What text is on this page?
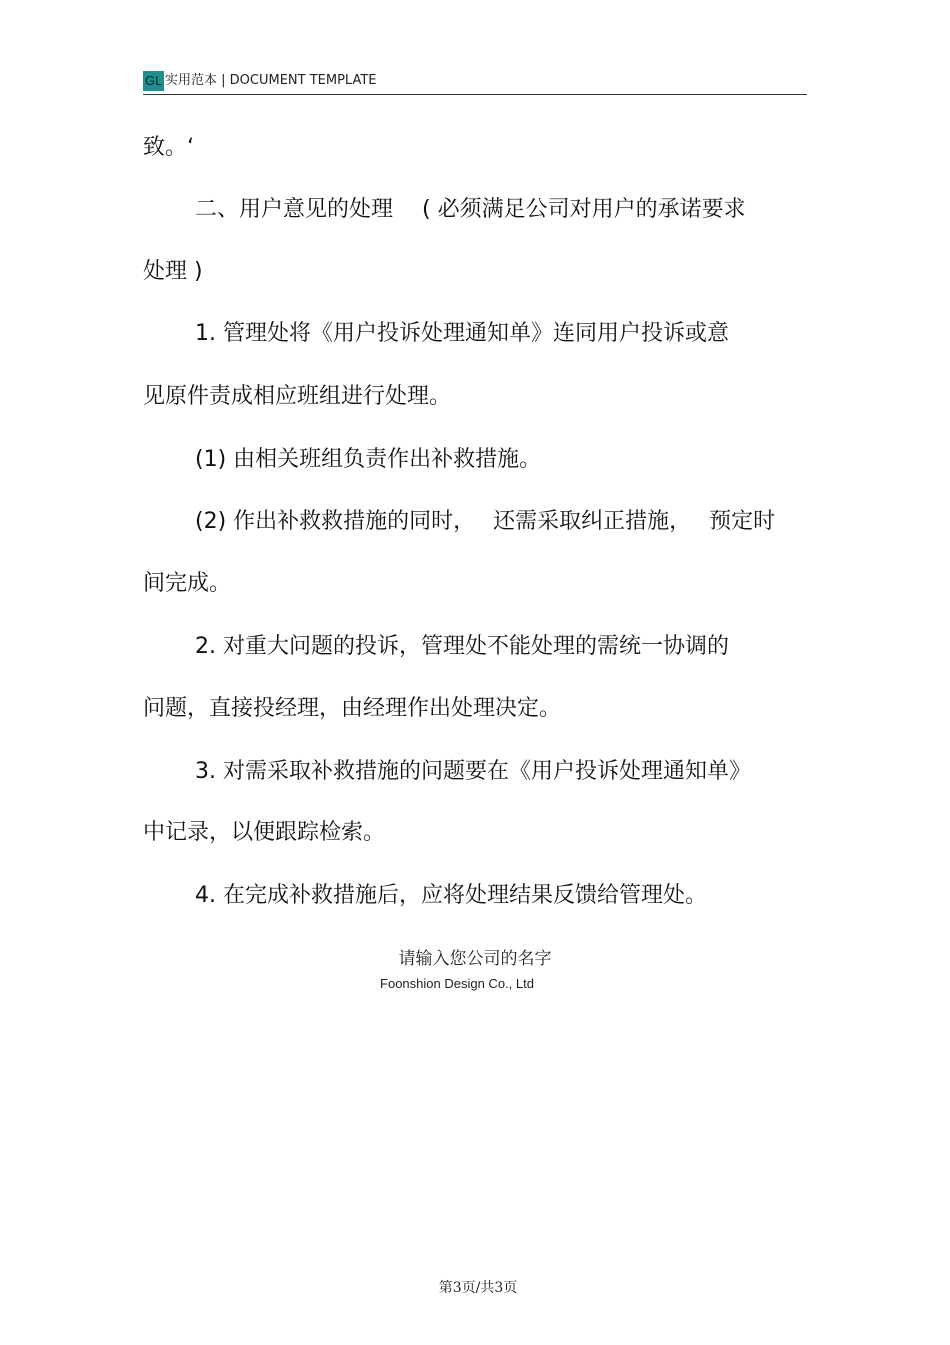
GL 实用范本 | DOCUMENT TEMPLATE
致。‘
二、用户意见的处理　 ( 必须满足公司对用户的承诺要求
处理 )
1. 管理处将《用户投诉处理通知单》连同用户投诉或意
见原件责成相应班组进行处理。
(1) 由相关班组负责作出补救措施。
(2) 作出补救救措施的同时，　 还需采取纠正措施，　 预定时
间完成。
2. 对重大问题的投诉，管理处不能处理的需统一协调的
问题，直接投经理，由经理作出处理决定。
3. 对需采取补救措施的问题要在《用户投诉处理通知单》
中记录，以便跟踪检索。
4. 在完成补救措施后，应将处理结果反馈给管理处。
请输入您公司的名字
Foonshion Design Co., Ltd
第3页/共3页
